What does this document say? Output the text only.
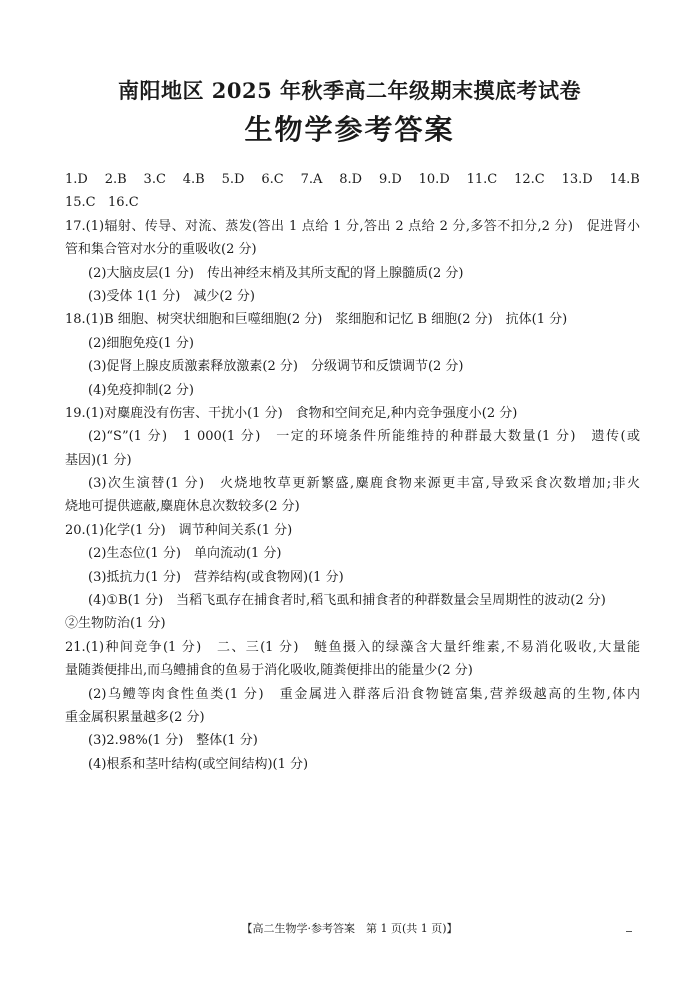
南阳地区 2025 年秋季高二年级期末摸底考试卷
生物学参考答案
1.D 2.B 3.C 4.B 5.D 6.C 7.A 8.D 9.D 10.D 11.C 12.C 13.D 14.B
15.C 16.C
17.(1)辐射、传导、对流、蒸发(答出 1 点给 1 分,答出 2 点给 2 分,多答不扣分,2 分)　促进肾小
管和集合管对水分的重吸收(2 分)
(2)大脑皮层(1 分)　传出神经末梢及其所支配的肾上腺髓质(2 分)
(3)受体 1(1 分)　减少(2 分)
18.(1)B 细胞、树突状细胞和巨噬细胞(2 分)　浆细胞和记忆 B 细胞(2 分)　抗体(1 分)
(2)细胞免疫(1 分)
(3)促肾上腺皮质激素释放激素(2 分)　分级调节和反馈调节(2 分)
(4)免疫抑制(2 分)
19.(1)对麋鹿没有伤害、干扰小(1 分)　食物和空间充足,种内竞争强度小(2 分)
(2)“S”(1 分)　1 000(1 分)　一定的环境条件所能维持的种群最大数量(1 分)　遗传(或
基因)(1 分)
(3)次生演替(1 分)　火烧地牧草更新繁盛,麋鹿食物来源更丰富,导致采食次数增加;非火
烧地可提供遮蔽,麋鹿休息次数较多(2 分)
20.(1)化学(1 分)　调节种间关系(1 分)
(2)生态位(1 分)　单向流动(1 分)
(3)抵抗力(1 分)　营养结构(或食物网)(1 分)
(4)①B(1 分)　当稻飞虱存在捕食者时,稻飞虱和捕食者的种群数量会呈周期性的波动(2 分)
②生物防治(1 分)
21.(1)种间竞争(1 分)　二、三(1 分)　鲢鱼摄入的绿藻含大量纤维素,不易消化吸收,大量能
量随粪便排出,而乌鳢捕食的鱼易于消化吸收,随粪便排出的能量少(2 分)
(2)乌鳢等肉食性鱼类(1 分)　重金属进入群落后沿食物链富集,营养级越高的生物,体内
重金属积累量越多(2 分)
(3)2.98%(1 分)　整体(1 分)
(4)根系和茎叶结构(或空间结构)(1 分)
【高二生物学·参考答案　第 1 页(共 1 页)】
